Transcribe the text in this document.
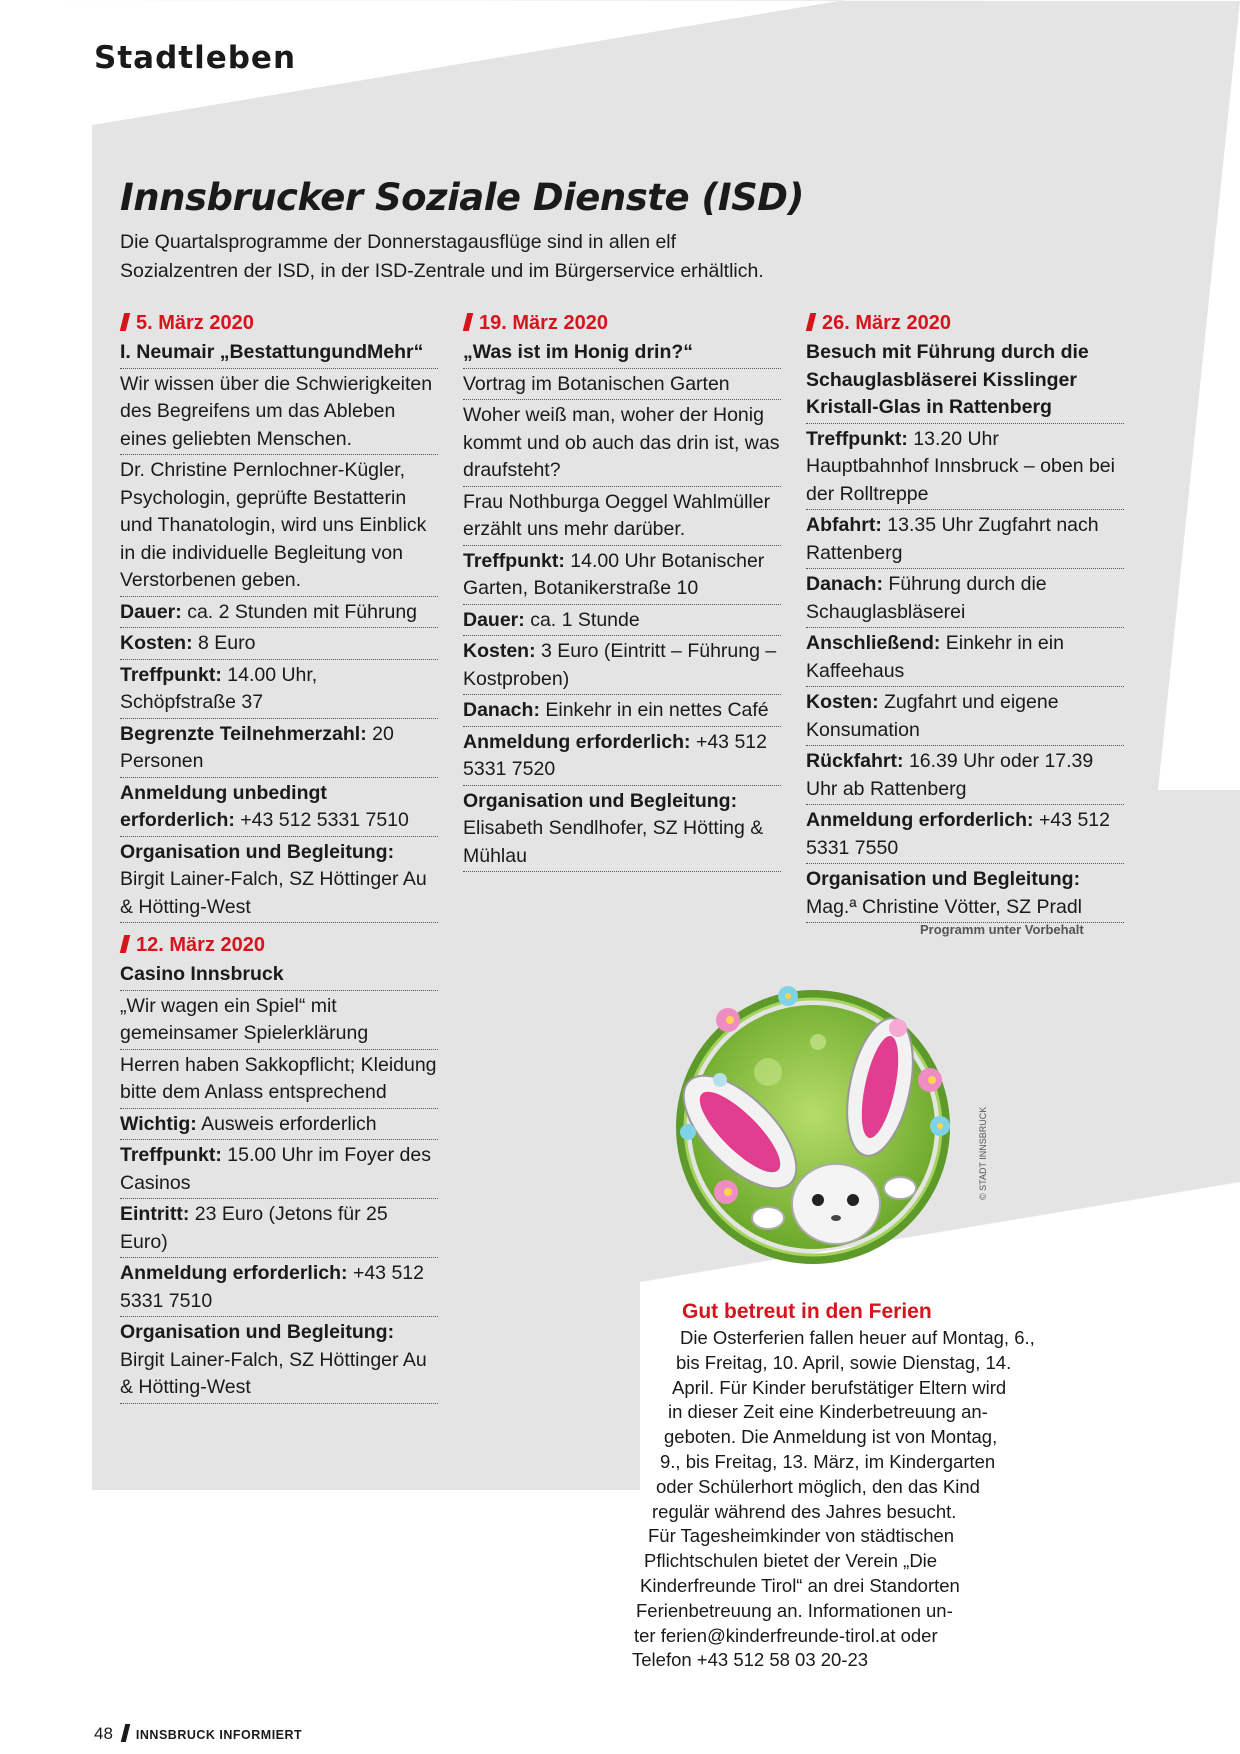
Stadtleben
Innsbrucker Soziale Dienste (ISD)

Die Quartalsprogramme der Donnerstagausflüge sind in allen elf

Sozialzentren der ISD, in der ISD-Zentrale und im Bürgerservice erhältlich.

5. März 2020
I. Neumair „BestattungundMehr“
Wir wissen über die Schwierigkeiten des Begreifens um das Ableben eines geliebten Menschen.
Dr. Christine Pernlochner-Kügler, Psychologin, geprüfte Bestatterin und Thanatologin, wird uns Einblick in die individuelle Begleitung von Verstorbenen geben.
Dauer: ca. 2 Stunden mit Führung
Kosten: 8 Euro
Treffpunkt: 14.00 Uhr, Schöpfstraße 37
Begrenzte Teilnehmerzahl: 20 Personen
Anmeldung unbedingt erforderlich: +43 512 5331 7510
Organisation und Begleitung: Birgit Lainer-Falch, SZ Höttinger Au & Hötting-West
19. März 2020
„Was ist im Honig drin?“
Vortrag im Botanischen Garten
Woher weiß man, woher der Honig kommt und ob auch das drin ist, was draufsteht?
Frau Nothburga Oeggel Wahlmüller erzählt uns mehr darüber.
Treffpunkt: 14.00 Uhr Botanischer Garten, Botanikerstraße 10
Dauer: ca. 1 Stunde
Kosten: 3 Euro (Eintritt – Führung – Kostproben)
Danach: Einkehr in ein nettes Café
Anmeldung erforderlich: +43 512 5331 7520
Organisation und Begleitung: Elisabeth Sendlhofer, SZ Hötting & Mühlau
26. März 2020
Besuch mit Führung durch die Schauglasbläserei Kisslinger Kristall-Glas in Rattenberg
Treffpunkt: 13.20 Uhr Hauptbahnhof Innsbruck – oben bei der Rolltreppe
Abfahrt: 13.35 Uhr Zugfahrt nach Rattenberg
Danach: Führung durch die Schauglasbläserei
Anschließend: Einkehr in ein Kaffeehaus
Kosten: Zugfahrt und eigene Konsumation
Rückfahrt: 16.39 Uhr oder 17.39 Uhr ab Rattenberg
Anmeldung erforderlich: +43 512 5331 7550
Organisation und Begleitung: Mag.ª Christine Vötter, SZ Pradl
12. März 2020
Casino Innsbruck
„Wir wagen ein Spiel“ mit gemeinsamer Spielerklärung
Herren haben Sakkopflicht; Kleidung bitte dem Anlass entsprechend
Wichtig: Ausweis erforderlich
Treffpunkt: 15.00 Uhr im Foyer des Casinos
Eintritt: 23 Euro (Jetons für 25 Euro)
Anmeldung erforderlich: +43 512 5331 7510
Organisation und Begleitung: Birgit Lainer-Falch, SZ Höttinger Au & Hötting-West
Programm unter Vorbehalt
© STADT INNSBRUCK
Gut betreut in den Ferien
Die Osterferien fallen heuer auf Montag, 6.,
bis Freitag, 10. April, sowie Dienstag, 14.
April. Für Kinder berufstätiger Eltern wird
in dieser Zeit eine Kinderbetreuung an-
geboten. Die Anmeldung ist von Montag,
9., bis Freitag, 13. März, im Kindergarten
oder Schülerhort möglich, den das Kind
regulär während des Jahres besucht.
Für Tagesheimkinder von städtischen
Pflichtschulen bietet der Verein „Die
Kinderfreunde Tirol“ an drei Standorten
Ferienbetreuung an. Informationen un-
ter ferien@kinderfreunde-tirol.at oder
Telefon +43 512 58 03 20-23
48 INNSBRUCK INFORMIERT
